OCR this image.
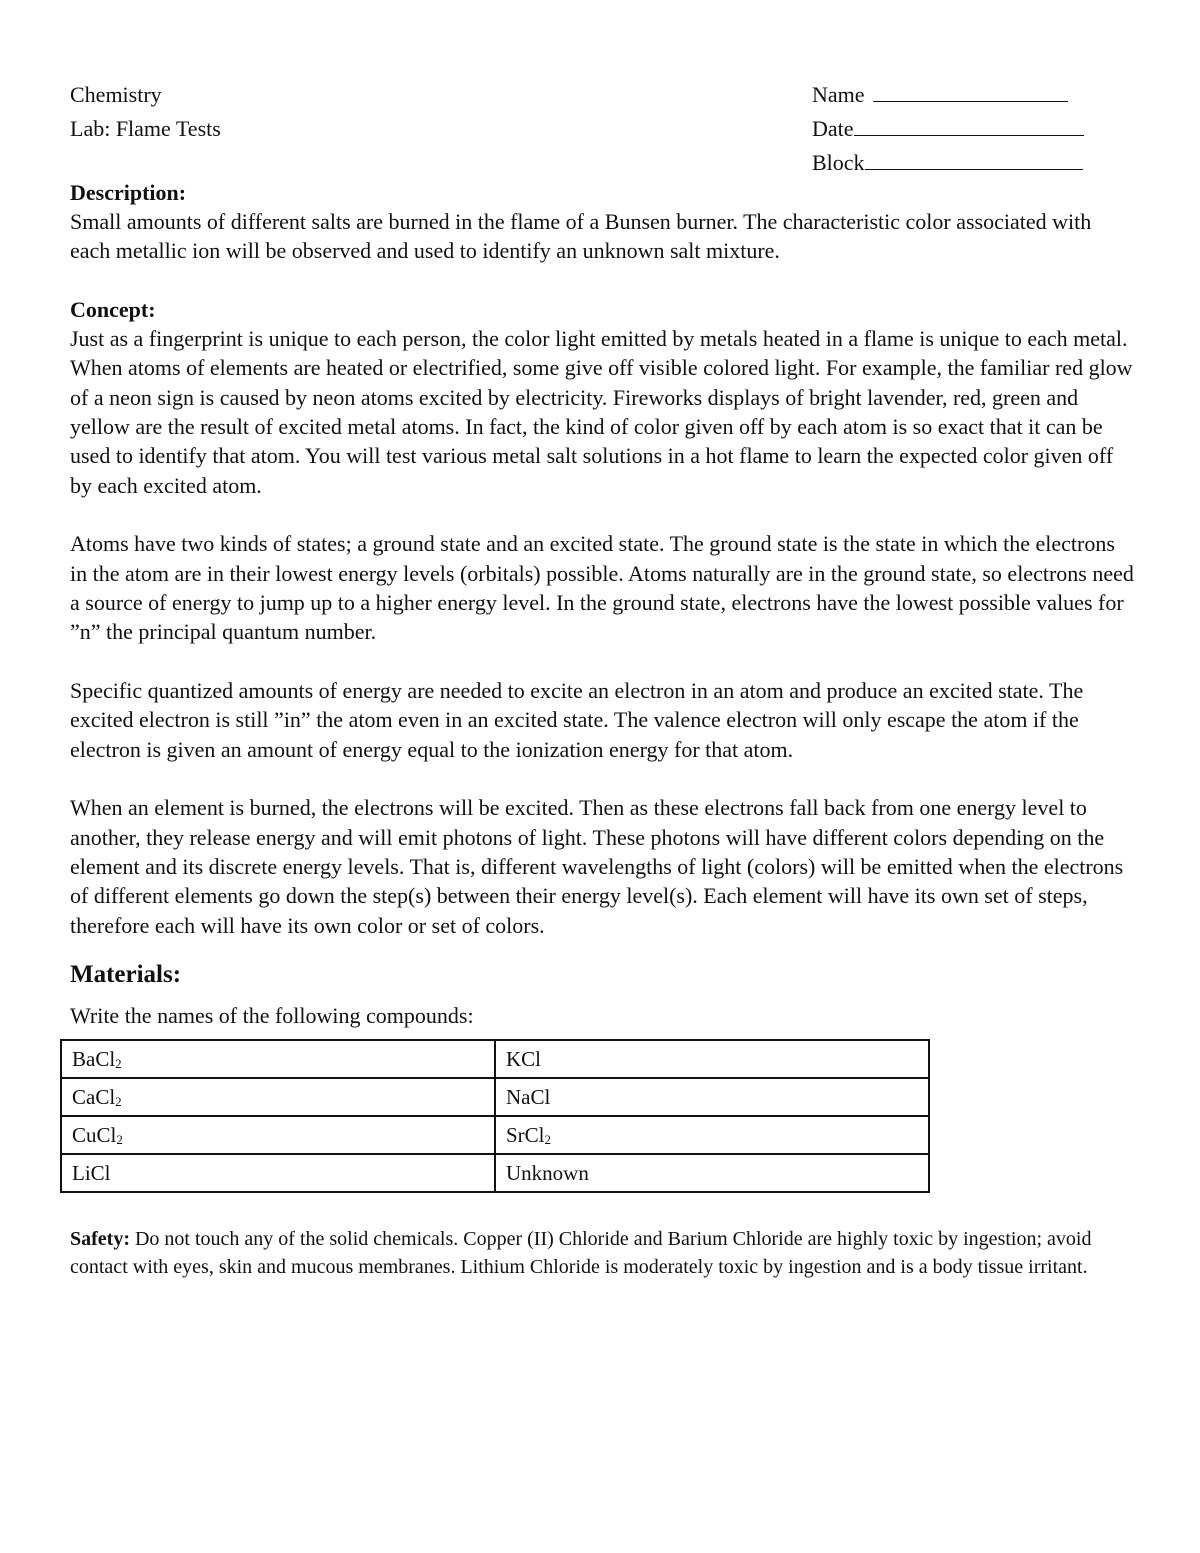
Chemistry
Lab: Flame Tests
Name
Date
Block
Description:

Small amounts of different salts are burned in the flame of a Bunsen burner. The characteristic color associated with each metallic ion will be observed and used to identify an unknown salt mixture.

Concept:

Just as a fingerprint is unique to each person, the color light emitted by metals heated in a flame is unique to each metal. When atoms of elements are heated or electrified, some give off visible colored light. For example, the familiar red glow of a neon sign is caused by neon atoms excited by electricity. Fireworks displays of bright lavender, red, green and yellow are the result of excited metal atoms. In fact, the kind of color given off by each atom is so exact that it can be used to identify that atom. You will test various metal salt solutions in a hot flame to learn the expected color given off by each excited atom.

Atoms have two kinds of states; a ground state and an excited state. The ground state is the state in which the electrons in the atom are in their lowest energy levels (orbitals) possible. Atoms naturally are in the ground state, so electrons need a source of energy to jump up to a higher energy level. In the ground state, electrons have the lowest possible values for ”n” the principal quantum number.

Specific quantized amounts of energy are needed to excite an electron in an atom and produce an excited state. The excited electron is still ”in” the atom even in an excited state. The valence electron will only escape the atom if the electron is given an amount of energy equal to the ionization energy for that atom.

When an element is burned, the electrons will be excited. Then as these electrons fall back from one energy level to another, they release energy and will emit photons of light. These photons will have different colors depending on the element and its discrete energy levels. That is, different wavelengths of light (colors) will be emitted when the electrons of different elements go down the step(s) between their energy level(s). Each element will have its own set of steps, therefore each will have its own color or set of colors.

Materials:
Write the names of the following compounds:
BaCl$_2$	KCl
CaCl$_2$	NaCl
CuCl$_2$	SrCl$_2$
LiCl	Unknown
Safety: Do not touch any of the solid chemicals. Copper (II) Chloride and Barium Chloride are highly toxic by ingestion; avoid contact with eyes, skin and mucous membranes. Lithium Chloride is moderately toxic by ingestion and is a body tissue irritant.
